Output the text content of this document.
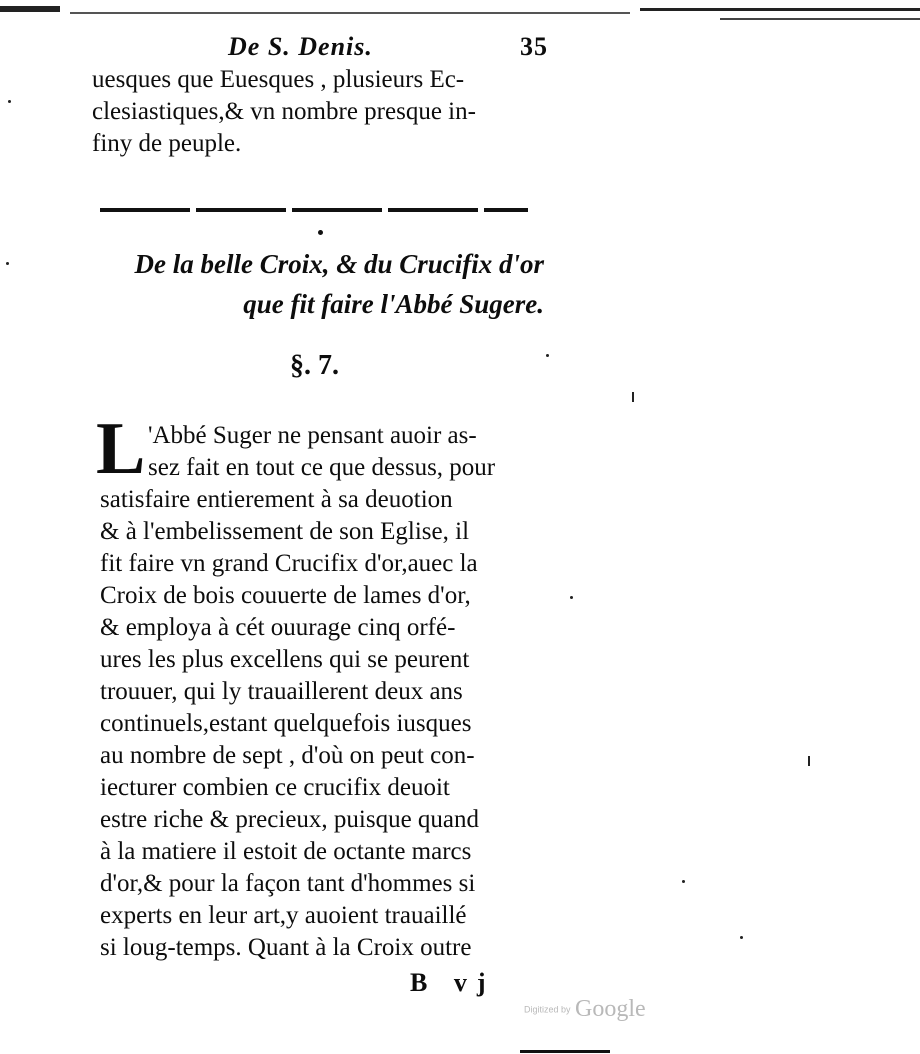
De S. Denis.	35
uesques que Euesques , plusieurs Ec-
clesiastiques,& vn nombre presque in-
finy de peuple.
De la belle Croix, & du Crucifix d'or
que fit faire l'Abbé Sugere.
§. 7.
L 'Abbé Suger ne pensant auoir as-
sez fait en tout ce que dessus, pour
satisfaire entierement à sa deuotion
& à l'embelissement de son Eglise, il
fit faire vn grand Crucifix d'or,auec la
Croix de bois couuerte de lames d'or,
& employa à cét ouurage cinq orfé-
ures les plus excellens qui se peurent
trouuer, qui ly trauaillerent deux ans
continuels,estant quelquefois iusques
au nombre de sept , d'où on peut con-
iecturer combien ce crucifix deuoit
estre riche & precieux, puisque quand
à la matiere il estoit de octante marcs
d'or,& pour la façon tant d'hommes si
experts en leur art,y auoient trauaillé
si loug-temps. Quant à la Croix outre
B vj
Digitized by Google
